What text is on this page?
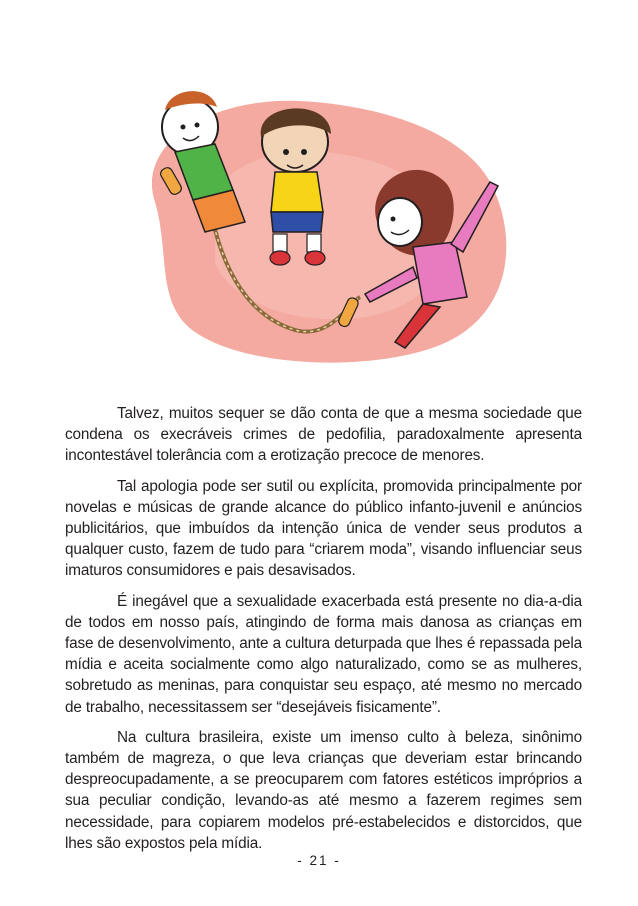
Talvez, muitos sequer se dão conta de que a mesma sociedade que condena os execráveis crimes de pedofilia, paradoxalmente apresenta incontestável tolerância com a erotização precoce de menores.

Tal apologia pode ser sutil ou explícita, promovida principalmente por novelas e músicas de grande alcance do público infanto-juvenil e anúncios publicitários, que imbuídos da intenção única de vender seus produtos a qualquer custo, fazem de tudo para “criarem moda”, visando influenciar seus imaturos consumidores e pais desavisados.

É inegável que a sexualidade exacerbada está presente no dia-a-dia de todos em nosso país, atingindo de forma mais danosa as crianças em fase de desenvolvimento, ante a cultura deturpada que lhes é repassada pela mídia e aceita socialmente como algo naturalizado, como se as mulheres, sobretudo as meninas, para conquistar seu espaço, até mesmo no mercado de trabalho, necessitassem ser “desejáveis fisicamente”.

Na cultura brasileira, existe um imenso culto à beleza, sinônimo também de magreza, o que leva crianças que deveriam estar brincando despreocupadamente, a se preocuparem com fatores estéticos impróprios a sua peculiar condição, levando-as até mesmo a fazerem regimes sem necessidade, para copiarem modelos pré-estabelecidos e distorcidos, que lhes são expostos pela mídia.

- 21 -
